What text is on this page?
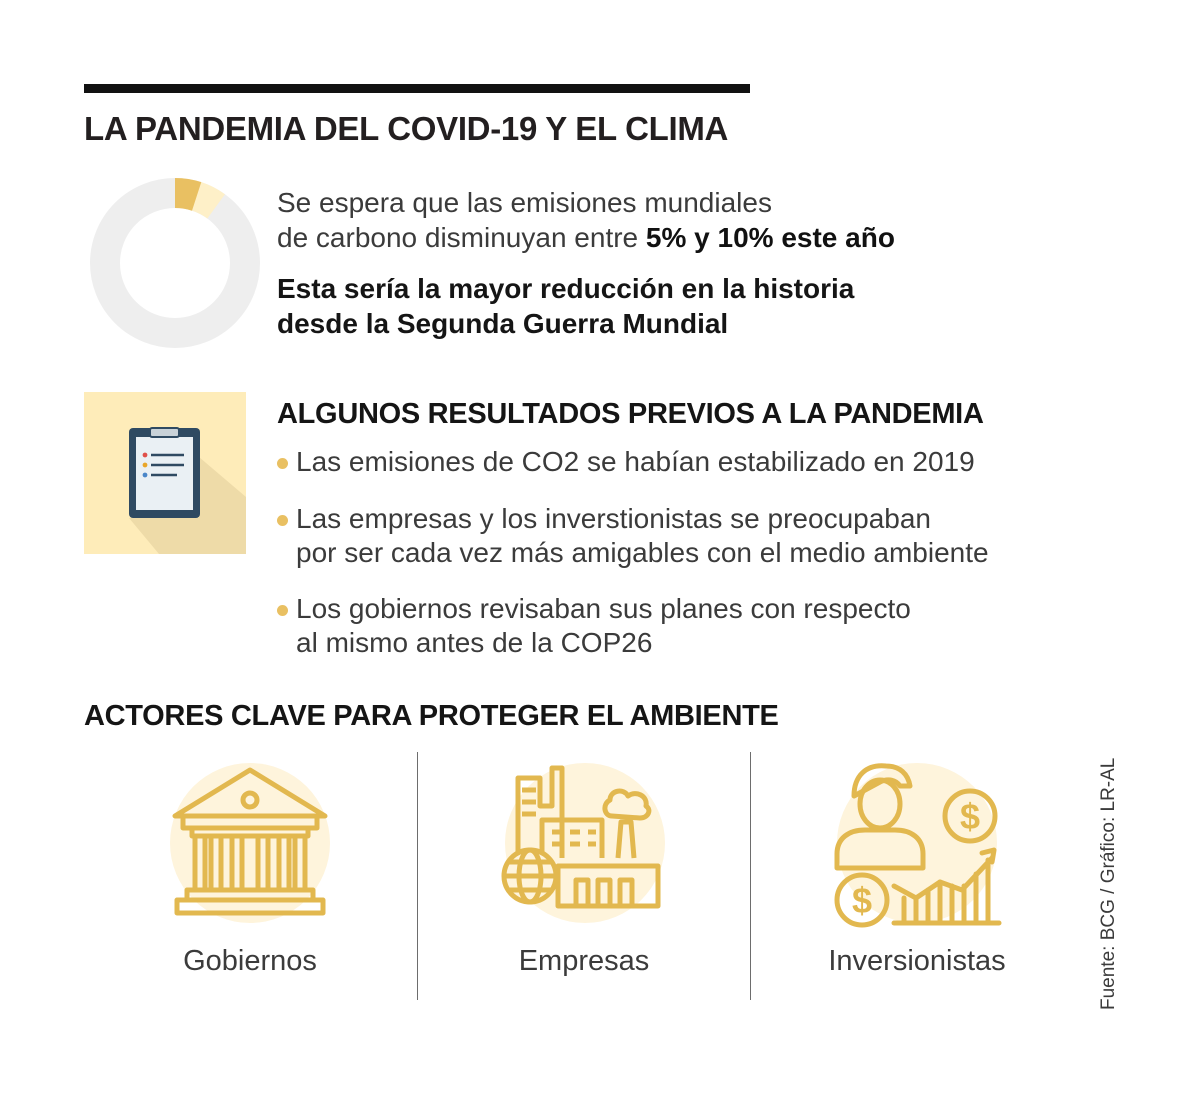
LA PANDEMIA DEL COVID-19 Y EL CLIMA
Se espera que las emisiones mundiales
de carbono disminuyan entre 5% y 10% este año
Esta sería la mayor reducción en la historia
desde la Segunda Guerra Mundial
ALGUNOS RESULTADOS PREVIOS A LA PANDEMIA
Las emisiones de CO2 se habían estabilizado en 2019
Las empresas y los inverstionistas se preocupaban
por ser cada vez más amigables con el medio ambiente
Los gobiernos revisaban sus planes con respecto
al mismo antes de la COP26
ACTORES CLAVE PARA PROTEGER EL AMBIENTE
$
$
Gobiernos	Empresas	Inversionistas	Fuente: BCG / Gráfico: LR-AL
